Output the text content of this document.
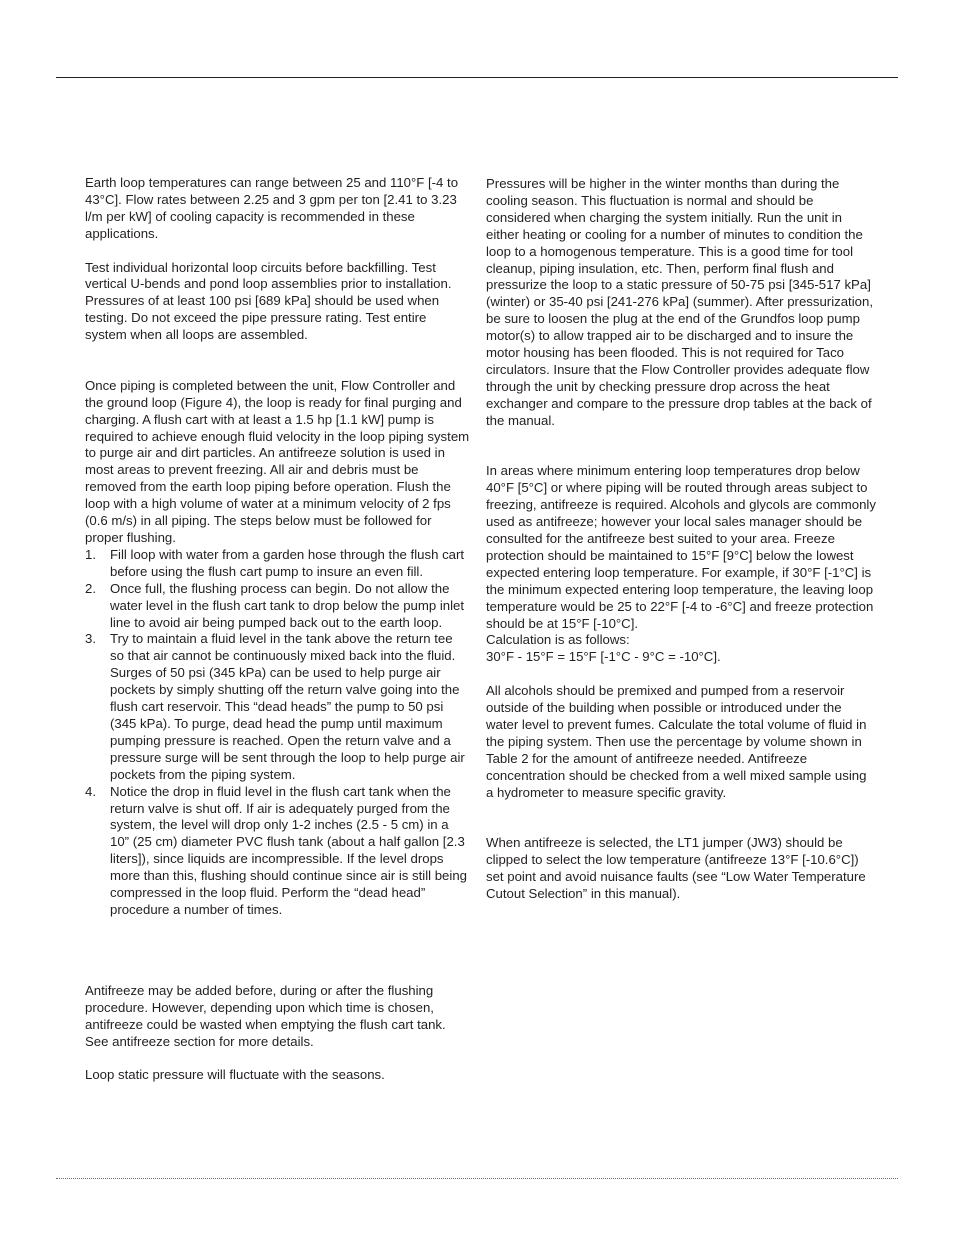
Earth loop temperatures can range between 25 and 110°F [-4 to 43°C]. Flow rates between 2.25 and 3 gpm per ton [2.41 to 3.23 l/m per kW] of cooling capacity is recommended in these applications.

Test individual horizontal loop circuits before backfilling. Test vertical U-bends and pond loop assemblies prior to installation. Pressures of at least 100 psi [689 kPa] should be used when testing. Do not exceed the pipe pressure rating. Test entire system when all loops are assembled.

Once piping is completed between the unit, Flow Controller and the ground loop (Figure 4), the loop is ready for final purging and charging. A flush cart with at least a 1.5 hp [1.1 kW] pump is required to achieve enough fluid velocity in the loop piping system to purge air and dirt particles. An antifreeze solution is used in most areas to prevent freezing. All air and debris must be removed from the earth loop piping before operation. Flush the loop with a high volume of water at a minimum velocity of 2 fps (0.6 m/s) in all piping. The steps below must be followed for proper flushing.

1. Fill loop with water from a garden hose through the flush cart before using the flush cart pump to insure an even fill.
2. Once full, the flushing process can begin. Do not allow the water level in the flush cart tank to drop below the pump inlet line to avoid air being pumped back out to the earth loop.
3. Try to maintain a fluid level in the tank above the return tee so that air cannot be continuously mixed back into the fluid. Surges of 50 psi (345 kPa) can be used to help purge air pockets by simply shutting off the return valve going into the flush cart reservoir. This “dead heads” the pump to 50 psi (345 kPa). To purge, dead head the pump until maximum pumping pressure is reached. Open the return valve and a pressure surge will be sent through the loop to help purge air pockets from the piping system.
4. Notice the drop in fluid level in the flush cart tank when the return valve is shut off. If air is adequately purged from the system, the level will drop only 1-2 inches (2.5 - 5 cm) in a 10” (25 cm) diameter PVC flush tank (about a half gallon [2.3 liters]), since liquids are incompressible. If the level drops more than this, flushing should continue since air is still being compressed in the loop fluid. Perform the “dead head” procedure a number of times.

Antifreeze may be added before, during or after the flushing procedure. However, depending upon which time is chosen, antifreeze could be wasted when emptying the flush cart tank. See antifreeze section for more details.

Loop static pressure will fluctuate with the seasons.

Pressures will be higher in the winter months than during the cooling season. This fluctuation is normal and should be considered when charging the system initially. Run the unit in either heating or cooling for a number of minutes to condition the loop to a homogenous temperature. This is a good time for tool cleanup, piping insulation, etc. Then, perform final flush and pressurize the loop to a static pressure of 50-75 psi [345-517 kPa] (winter) or 35-40 psi [241-276 kPa] (summer). After pressurization, be sure to loosen the plug at the end of the Grundfos loop pump motor(s) to allow trapped air to be discharged and to insure the motor housing has been flooded. This is not required for Taco circulators. Insure that the Flow Controller provides adequate flow through the unit by checking pressure drop across the heat exchanger and compare to the pressure drop tables at the back of the manual.

In areas where minimum entering loop temperatures drop below 40°F [5°C] or where piping will be routed through areas subject to freezing, antifreeze is required. Alcohols and glycols are commonly used as antifreeze; however your local sales manager should be consulted for the antifreeze best suited to your area. Freeze protection should be maintained to 15°F [9°C] below the lowest expected entering loop temperature. For example, if 30°F [-1°C] is the minimum expected entering loop temperature, the leaving loop temperature would be 25 to 22°F [-4 to -6°C] and freeze protection should be at 15°F [-10°C].

Calculation is as follows:

30°F - 15°F = 15°F [-1°C - 9°C = -10°C].

All alcohols should be premixed and pumped from a reservoir outside of the building when possible or introduced under the water level to prevent fumes. Calculate the total volume of fluid in the piping system. Then use the percentage by volume shown in Table 2 for the amount of antifreeze needed. Antifreeze concentration should be checked from a well mixed sample using a hydrometer to measure specific gravity.

When antifreeze is selected, the LT1 jumper (JW3) should be clipped to select the low temperature (antifreeze 13°F [-10.6°C]) set point and avoid nuisance faults (see “Low Water Temperature Cutout Selection” in this manual).
